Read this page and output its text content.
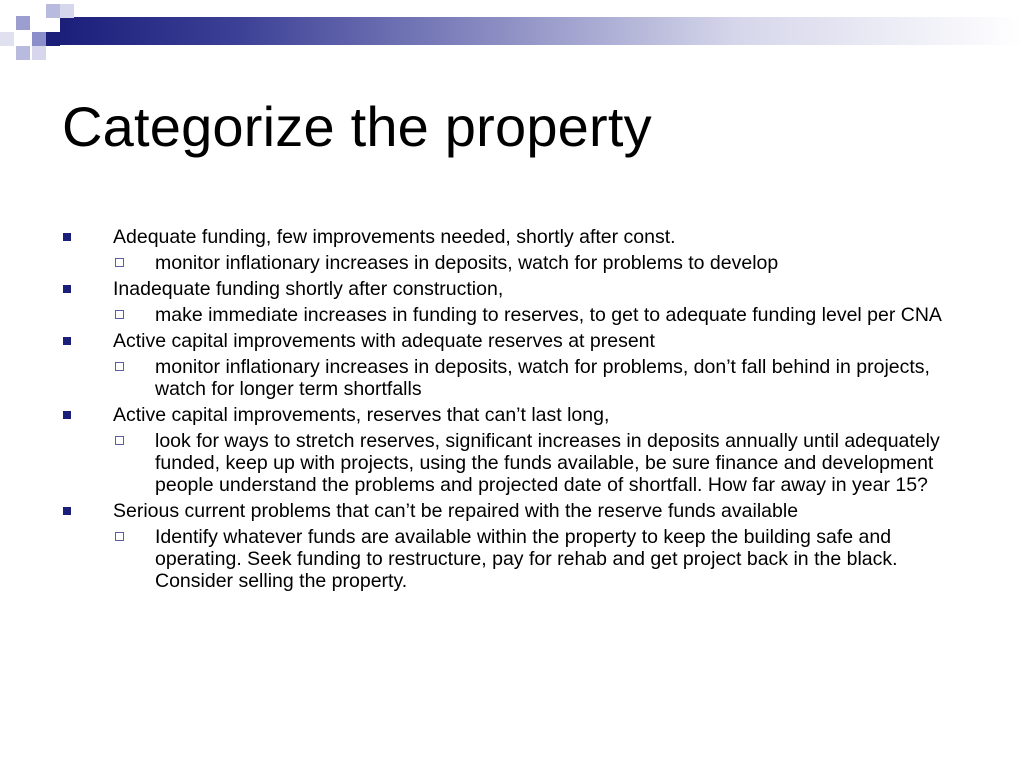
Categorize the property
Adequate funding, few improvements needed, shortly after const.
monitor inflationary increases in deposits, watch for problems to develop
Inadequate funding shortly after construction,
make immediate increases in funding to reserves, to get to adequate funding level per CNA
Active capital improvements with adequate reserves at present
monitor inflationary increases in deposits, watch for problems, don’t fall behind in projects, watch for longer term shortfalls
Active capital improvements, reserves that can’t last long,
look for ways to stretch reserves, significant increases in deposits annually until adequately funded, keep up with projects, using the funds available, be sure finance and development people understand the problems and projected date of shortfall. How far away in year 15?
Serious current problems that can’t be repaired with the reserve funds available
Identify whatever funds are available within the property to keep the building safe and operating. Seek funding to restructure, pay for rehab and get project back in the black. Consider selling the property.
